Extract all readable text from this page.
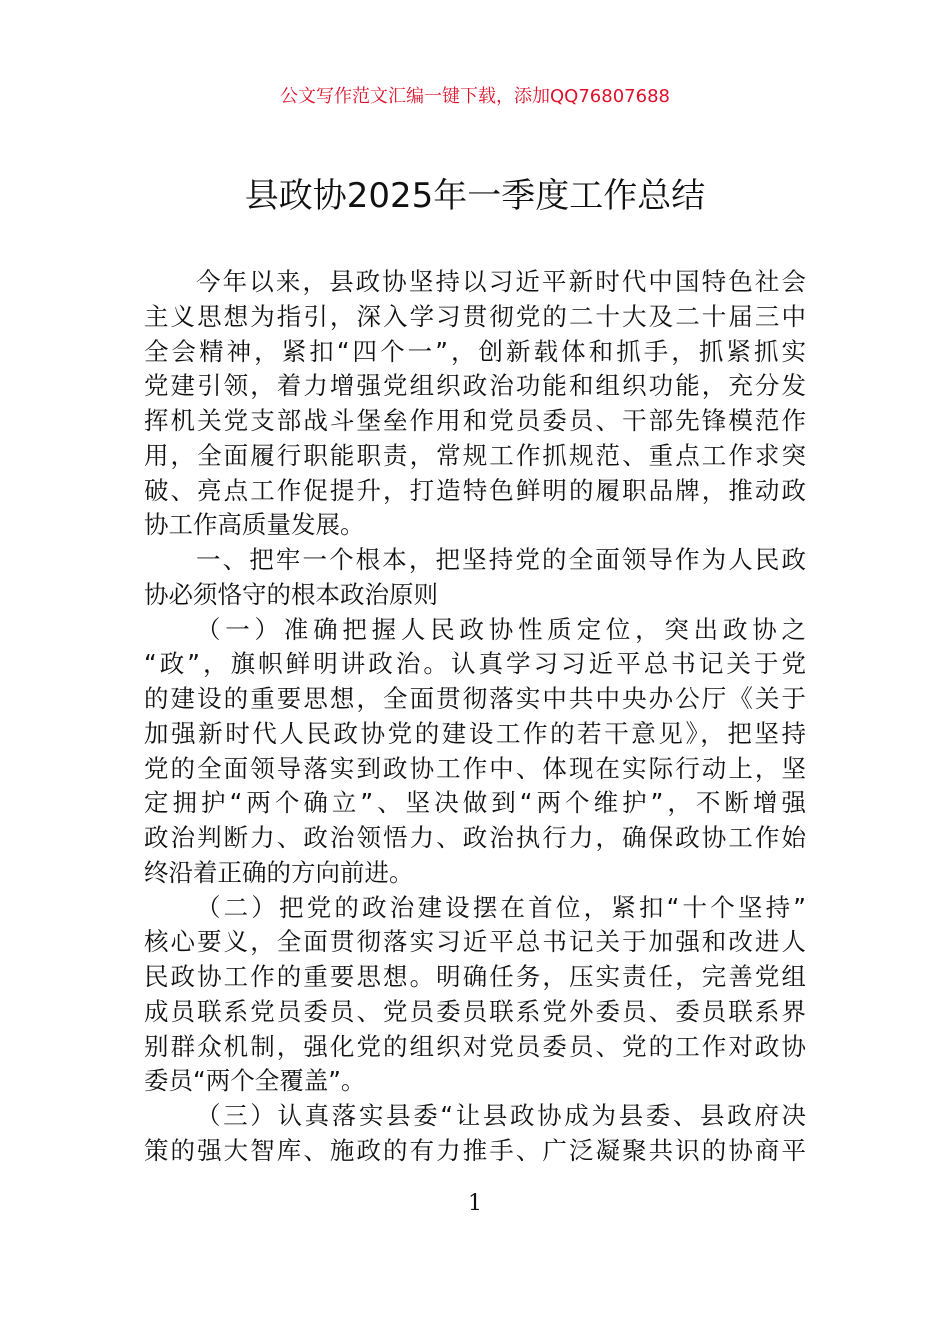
公文写作范文汇编一键下载，添加QQ76807688
县政协2025年一季度工作总结
今年以来，县政协坚持以习近平新时代中国特色社会
主义思想为指引，深入学习贯彻党的二十大及二十届三中
全会精神，紧扣“四个一”，创新载体和抓手，抓紧抓实
党建引领，着力增强党组织政治功能和组织功能，充分发
挥机关党支部战斗堡垒作用和党员委员、干部先锋模范作
用，全面履行职能职责，常规工作抓规范、重点工作求突
破、亮点工作促提升，打造特色鲜明的履职品牌，推动政
协工作高质量发展。
一、把牢一个根本，把坚持党的全面领导作为人民政
协必须恪守的根本政治原则
（一）准确把握人民政协性质定位，突出政协之
“政”，旗帜鲜明讲政治。认真学习习近平总书记关于党
的建设的重要思想，全面贯彻落实中共中央办公厅《关于
加强新时代人民政协党的建设工作的若干意见》，把坚持
党的全面领导落实到政协工作中、体现在实际行动上，坚
定拥护“两个确立”、坚决做到“两个维护”，不断增强
政治判断力、政治领悟力、政治执行力，确保政协工作始
终沿着正确的方向前进。
（二）把党的政治建设摆在首位，紧扣“十个坚持”
核心要义，全面贯彻落实习近平总书记关于加强和改进人
民政协工作的重要思想。明确任务，压实责任，完善党组
成员联系党员委员、党员委员联系党外委员、委员联系界
别群众机制，强化党的组织对党员委员、党的工作对政协
委员“两个全覆盖”。
（三）认真落实县委“让县政协成为县委、县政府决
策的强大智库、施政的有力推手、广泛凝聚共识的协商平
1
